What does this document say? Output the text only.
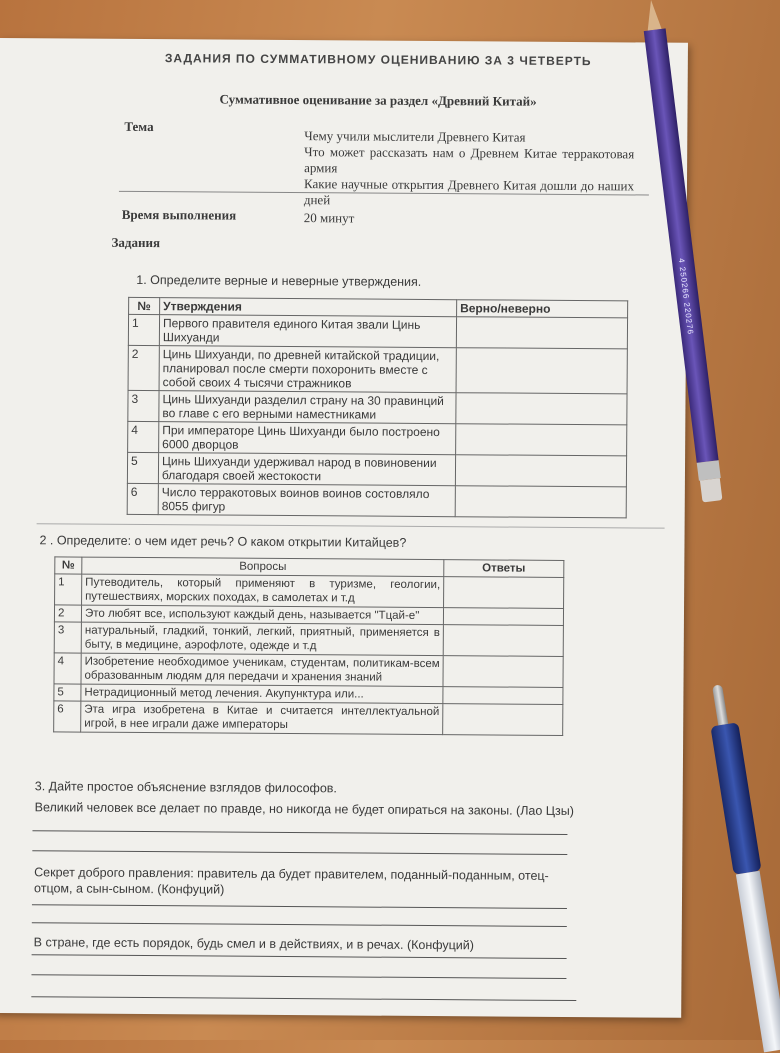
ЗАДАНИЯ ПО СУММАТИВНОМУ ОЦЕНИВАНИЮ ЗА 3 ЧЕТВЕРТЬ
Суммативное оценивание за раздел «Древний Китай»
Тема
Чему учили мыслители Древнего Китая
Что может рассказать нам о Древнем Китае терракотовая армия
Какие научные открытия Древнего Китая дошли до наших дней
Время выполнения	20 минут
Задания
1. Определите верные и неверные утверждения.
№	Утверждения	Верно/неверно
1	Первого правителя единого Китая звали Цинь Шихуанди	
2	Цинь Шихуанди, по древней китайской традиции, планировал после смерти похоронить вместе с собой своих 4 тысячи стражников	
3	Цинь Шихуанди разделил страну на 30 правинций во главе с его верными наместниками	
4	При императоре Цинь Шихуанди было построено 6000 дворцов	
5	Цинь Шихуанди удерживал народ в повиновении благодаря своей жестокости	
6	Число терракотовых воинов воинов состовляло 8055 фигур	
2 . Определите: о чем идет речь? О каком открытии Китайцев?
№	Вопросы	Ответы
1	Путеводитель, который применяют в туризме, геологии, путешествиях, морских походах, в самолетах и т.д	
2	Это любят все, используют каждый день, называется "Тцай-е"	
3	натуральный, гладкий, тонкий, легкий, приятный, применяется в быту, в медицине, аэрофлоте, одежде и т.д	
4	Изобретение необходимое ученикам, студентам, политикам-всем образованным людям для передачи и хранения знаний	
5	Нетрадиционный метод лечения. Акупунктура или...	
6	Эта игра изобретена в Китае и считается интеллектуальной игрой, в нее играли даже императоры	
3. Дайте простое объяснение взглядов философов.
Великий человек все делает по правде, но никогда не будет опираться на законы. (Лао Цзы)
Секрет доброго правления: правитель да будет правителем, поданный-поданным, отец-отцом, а сын-сыном. (Конфуций)
В стране, где есть порядок, будь смел и в действиях, и в речах. (Конфуций)
4 250266 220276
